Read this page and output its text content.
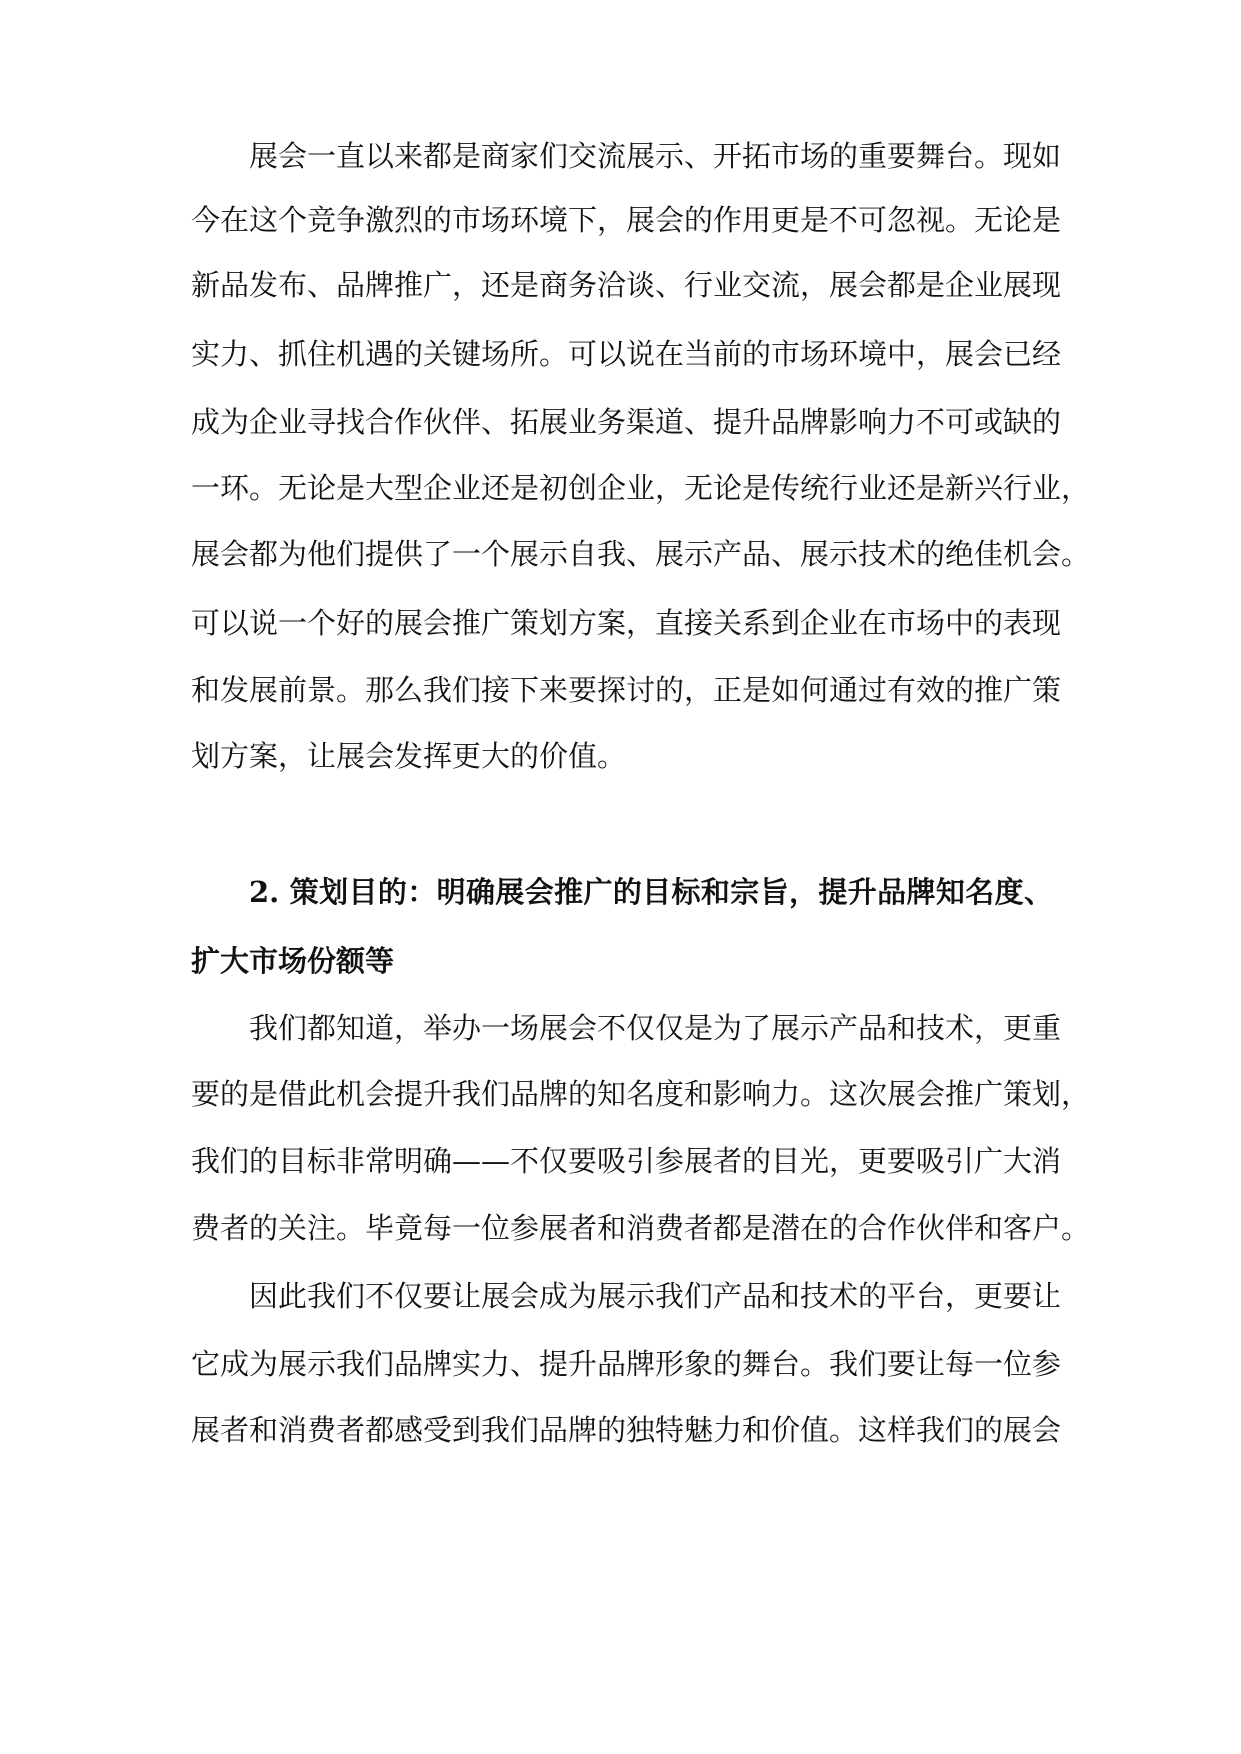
展会一直以来都是商家们交流展示、开拓市场的重要舞台。现如
今在这个竞争激烈的市场环境下，展会的作用更是不可忽视。无论是
新品发布、品牌推广，还是商务洽谈、行业交流，展会都是企业展现
实力、抓住机遇的关键场所。可以说在当前的市场环境中，展会已经
成为企业寻找合作伙伴、拓展业务渠道、提升品牌影响力不可或缺的
一环。无论是大型企业还是初创企业，无论是传统行业还是新兴行业，
展会都为他们提供了一个展示自我、展示产品、展示技术的绝佳机会。
可以说一个好的展会推广策划方案，直接关系到企业在市场中的表现
和发展前景。那么我们接下来要探讨的，正是如何通过有效的推广策
划方案，让展会发挥更大的价值。
2. 策划目的：明确展会推广的目标和宗旨，提升品牌知名度、
扩大市场份额等
我们都知道，举办一场展会不仅仅是为了展示产品和技术，更重
要的是借此机会提升我们品牌的知名度和影响力。这次展会推广策划，
我们的目标非常明确——不仅要吸引参展者的目光，更要吸引广大消
费者的关注。毕竟每一位参展者和消费者都是潜在的合作伙伴和客户。
因此我们不仅要让展会成为展示我们产品和技术的平台，更要让
它成为展示我们品牌实力、提升品牌形象的舞台。我们要让每一位参
展者和消费者都感受到我们品牌的独特魅力和价值。这样我们的展会
